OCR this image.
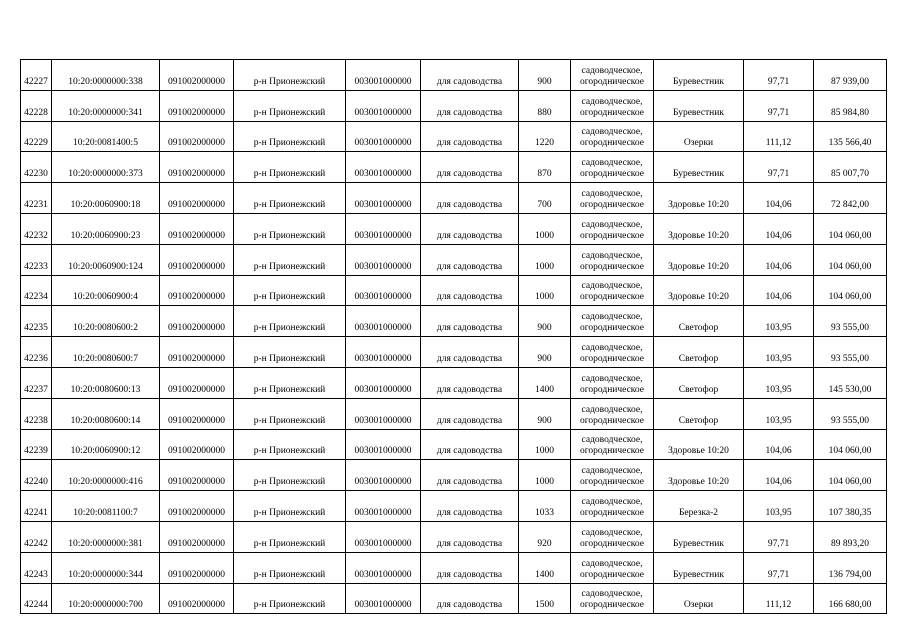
42227	10:20:0000000:338	091002000000	р-н Прионежский	003001000000	для садоводства	900	садоводческое,
огородническое	Буревестник	97,71	87 939,00
42228	10:20:0000000:341	091002000000	р-н Прионежский	003001000000	для садоводства	880	садоводческое,
огородническое	Буревестник	97,71	85 984,80
42229	10:20:0081400:5	091002000000	р-н Прионежский	003001000000	для садоводства	1220	садоводческое,
огородническое	Озерки	111,12	135 566,40
42230	10:20:0000000:373	091002000000	р-н Прионежский	003001000000	для садоводства	870	садоводческое,
огородническое	Буревестник	97,71	85 007,70
42231	10:20:0060900:18	091002000000	р-н Прионежский	003001000000	для садоводства	700	садоводческое,
огородническое	Здоровье 10:20	104,06	72 842,00
42232	10:20:0060900:23	091002000000	р-н Прионежский	003001000000	для садоводства	1000	садоводческое,
огородническое	Здоровье 10:20	104,06	104 060,00
42233	10:20:0060900:124	091002000000	р-н Прионежский	003001000000	для садоводства	1000	садоводческое,
огородническое	Здоровье 10:20	104,06	104 060,00
42234	10:20:0060900:4	091002000000	р-н Прионежский	003001000000	для садоводства	1000	садоводческое,
огородническое	Здоровье 10:20	104,06	104 060,00
42235	10:20:0080600:2	091002000000	р-н Прионежский	003001000000	для садоводства	900	садоводческое,
огородническое	Светофор	103,95	93 555,00
42236	10:20:0080600:7	091002000000	р-н Прионежский	003001000000	для садоводства	900	садоводческое,
огородническое	Светофор	103,95	93 555,00
42237	10:20:0080600:13	091002000000	р-н Прионежский	003001000000	для садоводства	1400	садоводческое,
огородническое	Светофор	103,95	145 530,00
42238	10:20:0080600:14	091002000000	р-н Прионежский	003001000000	для садоводства	900	садоводческое,
огородническое	Светофор	103,95	93 555,00
42239	10:20:0060900:12	091002000000	р-н Прионежский	003001000000	для садоводства	1000	садоводческое,
огородническое	Здоровье 10:20	104,06	104 060,00
42240	10:20:0000000:416	091002000000	р-н Прионежский	003001000000	для садоводства	1000	садоводческое,
огородническое	Здоровье 10:20	104,06	104 060,00
42241	10:20:0081100:7	091002000000	р-н Прионежский	003001000000	для садоводства	1033	садоводческое,
огородническое	Березка-2	103,95	107 380,35
42242	10:20:0000000:381	091002000000	р-н Прионежский	003001000000	для садоводства	920	садоводческое,
огородническое	Буревестник	97,71	89 893,20
42243	10:20:0000000:344	091002000000	р-н Прионежский	003001000000	для садоводства	1400	садоводческое,
огородническое	Буревестник	97,71	136 794,00
42244	10:20:0000000:700	091002000000	р-н Прионежский	003001000000	для садоводства	1500	садоводческое,
огородническое	Озерки	111,12	166 680,00
